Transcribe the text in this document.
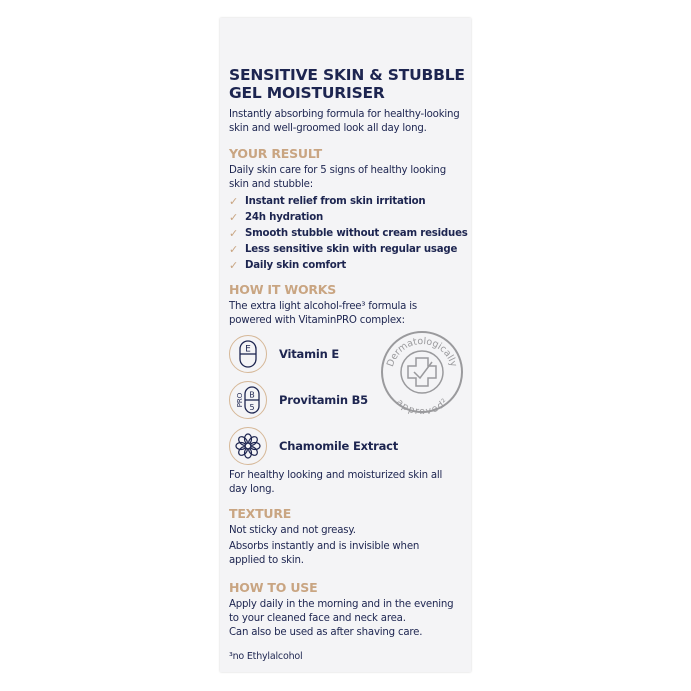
SENSITIVE SKIN & STUBBLE
GEL MOISTURISER
Instantly absorbing formula for healthy-looking
skin and well-groomed look all day long.
YOUR RESULT
Daily skin care for 5 signs of healthy looking
skin and stubble:
✓ Instant relief from skin irritation
✓ 24h hydration
✓ Smooth stubble without cream residues
✓ Less sensitive skin with regular usage
✓ Daily skin comfort
HOW IT WORKS
The extra light alcohol-free³ formula is
powered with VitaminPRO complex:
E Vitamin E
PRO B
5
Provitamin B5
Chamomile Extract
Dermatologically
approved²
For healthy looking and moisturized skin all
day long.
TEXTURE
Not sticky and not greasy.
Absorbs instantly and is invisible when
applied to skin.
HOW TO USE
Apply daily in the morning and in the evening
to your cleaned face and neck area.
Can also be used as after shaving care.
³no Ethylalcohol
